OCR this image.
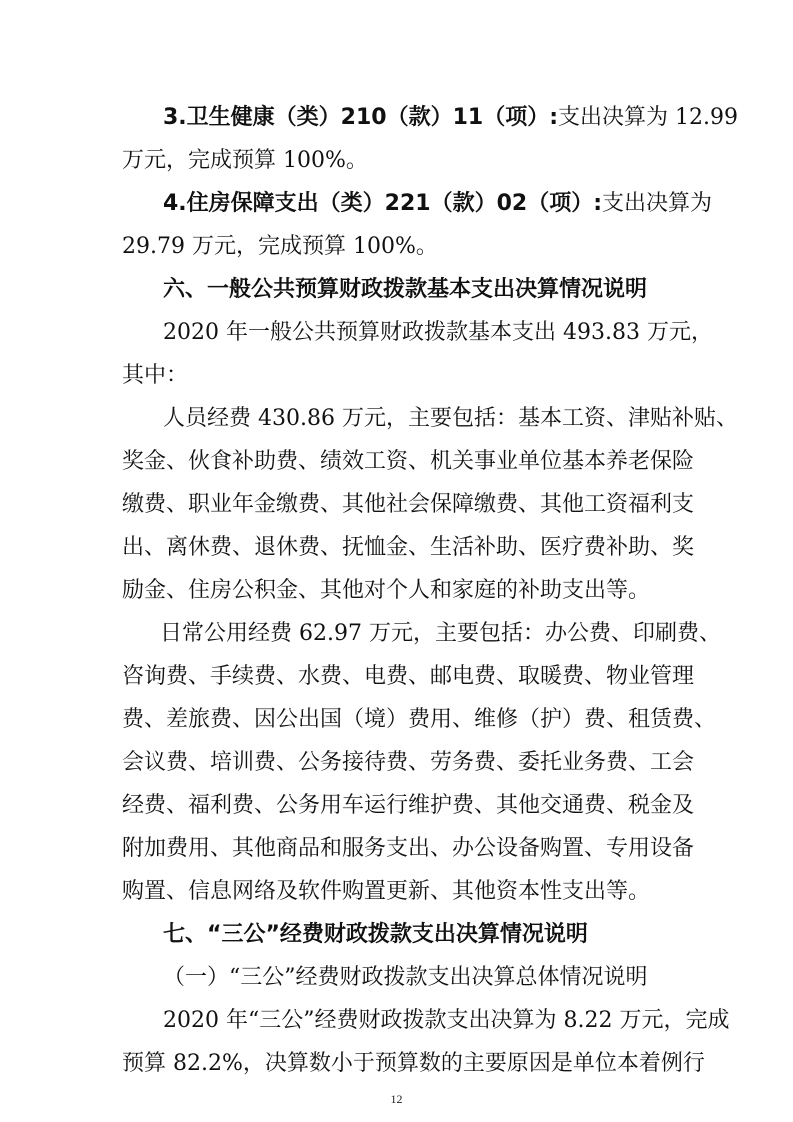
3.卫生健康（类）210（款）11（项）:支出决算为 12.99
万元，完成预算 100%。
4.住房保障支出（类）221（款）02（项）:支出决算为
29.79 万元，完成预算 100%。
六、一般公共预算财政拨款基本支出决算情况说明
2020 年一般公共预算财政拨款基本支出 493.83 万元，
其中：
人员经费 430.86 万元，主要包括：基本工资、津贴补贴、
奖金、伙食补助费、绩效工资、机关事业单位基本养老保险
缴费、职业年金缴费、其他社会保障缴费、其他工资福利支
出、离休费、退休费、抚恤金、生活补助、医疗费补助、奖
励金、住房公积金、其他对个人和家庭的补助支出等。
日常公用经费 62.97 万元，主要包括：办公费、印刷费、
咨询费、手续费、水费、电费、邮电费、取暖费、物业管理
费、差旅费、因公出国（境）费用、维修（护）费、租赁费、
会议费、培训费、公务接待费、劳务费、委托业务费、工会
经费、福利费、公务用车运行维护费、其他交通费、税金及
附加费用、其他商品和服务支出、办公设备购置、专用设备
购置、信息网络及软件购置更新、其他资本性支出等。
七、“三公”经费财政拨款支出决算情况说明
（一）“三公”经费财政拨款支出决算总体情况说明
2020 年“三公”经费财政拨款支出决算为 8.22 万元，完成
预算 82.2%，决算数小于预算数的主要原因是单位本着例行
12
